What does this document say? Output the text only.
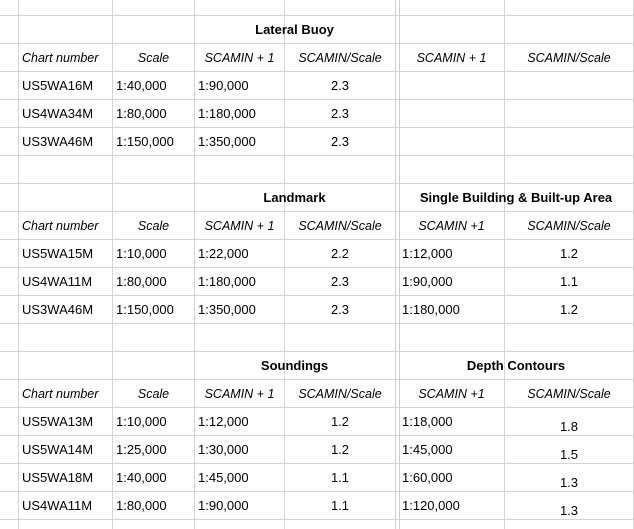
Lateral Buoy
Chart number	Scale	SCAMIN + 1	SCAMIN/Scale	SCAMIN + 1	SCAMIN/Scale
US5WA16M	1:40,000	1:90,000	2.3
US4WA34M	1:80,000	1:180,000	2.3
US3WA46M	1:150,000	1:350,000	2.3
Landmark	Single Building & Built-up Area
Chart number	Scale	SCAMIN + 1	SCAMIN/Scale	SCAMIN +1	SCAMIN/Scale
US5WA15M	1:10,000	1:22,000	2.2	1:12,000	1.2
US4WA11M	1:80,000	1:180,000	2.3	1:90,000	1.1
US3WA46M	1:150,000	1:350,000	2.3	1:180,000	1.2
Soundings	Depth Contours
Chart number	Scale	SCAMIN + 1	SCAMIN/Scale	SCAMIN +1	SCAMIN/Scale
US5WA13M	1:10,000	1:12,000	1.2	1:18,000	1.8
US5WA14M	1:25,000	1:30,000	1.2	1:45,000	1.5
US5WA18M	1:40,000	1:45,000	1.1	1:60,000	1.3
US4WA11M	1:80,000	1:90,000	1.1	1:120,000	1.3
